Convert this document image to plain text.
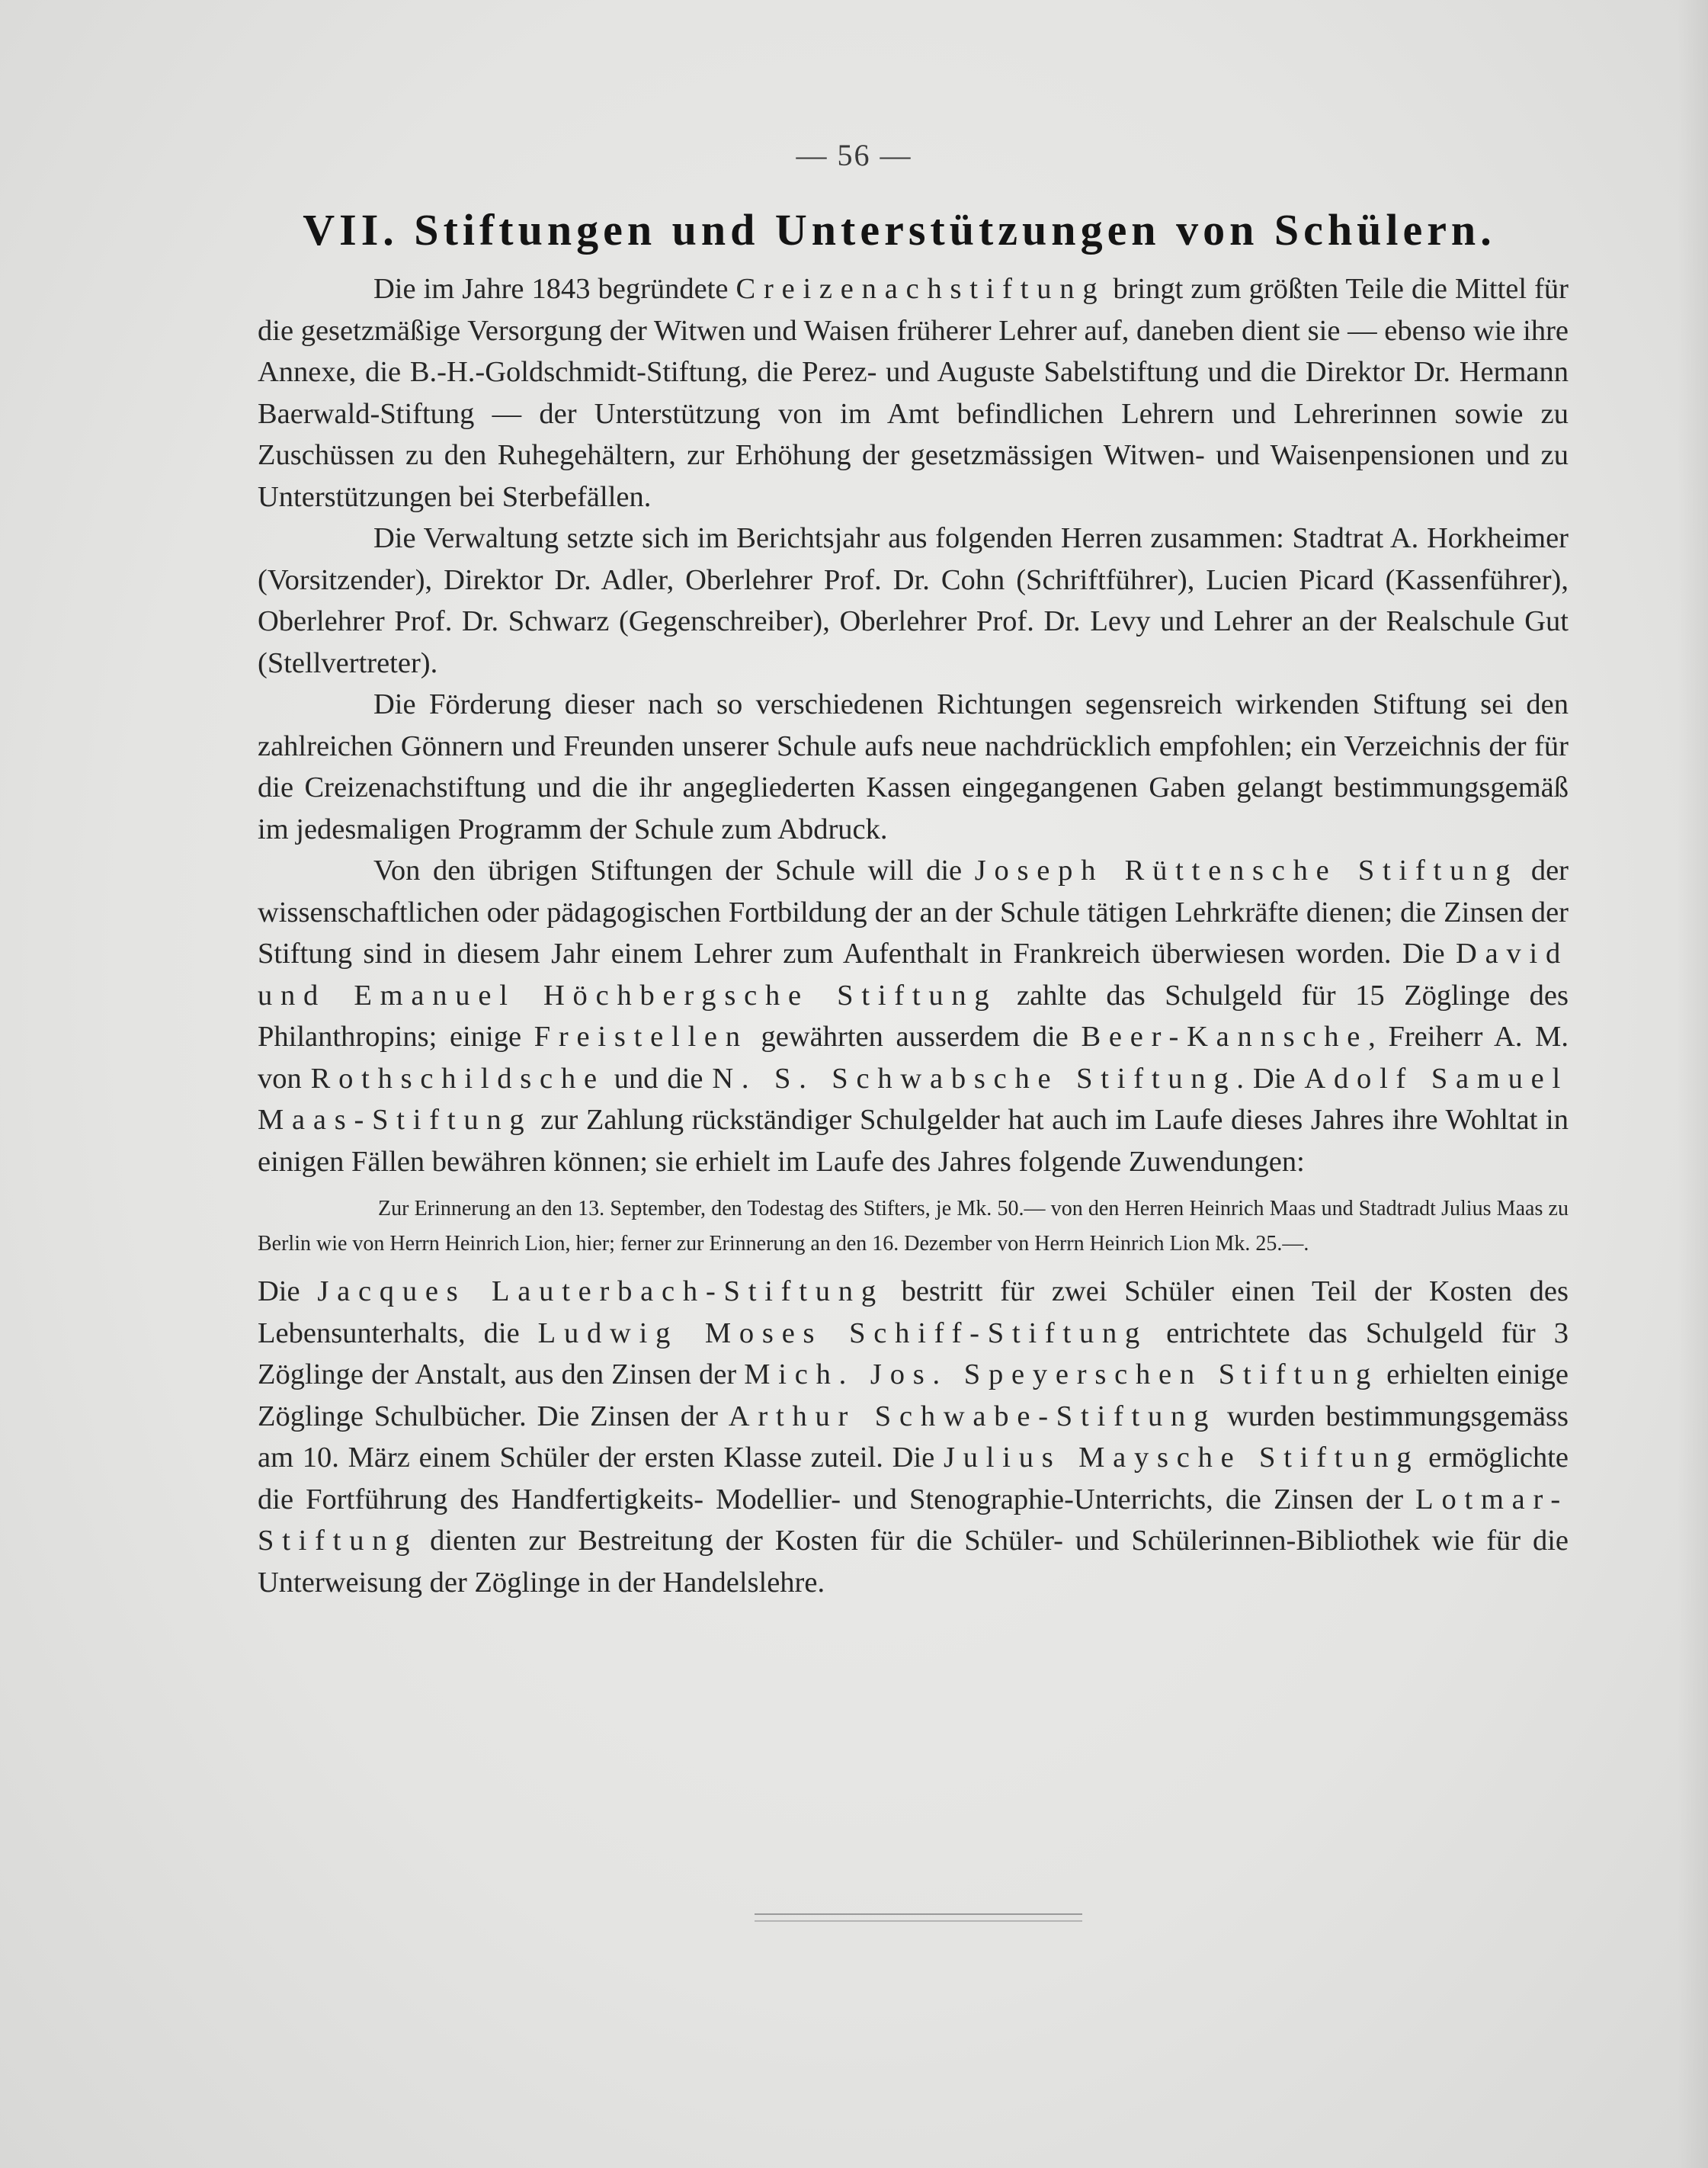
— 56 —
VII. Stiftungen und Unterstützungen von Schülern.

Die im Jahre 1843 begründete Creizenachstiftung bringt zum größten Teile die Mittel für die gesetzmäßige Versorgung der Witwen und Waisen früherer Lehrer auf, daneben dient sie — ebenso wie ihre Annexe, die B.-H.-Goldschmidt-Stiftung, die Perez- und Auguste Sabelstiftung und die Direktor Dr. Hermann Baerwald-Stiftung — der Unterstützung von im Amt befindlichen Lehrern und Lehrerinnen sowie zu Zuschüssen zu den Ruhegehältern, zur Erhöhung der gesetzmässigen Witwen- und Waisenpensionen und zu Unterstützungen bei Sterbefällen.

Die Verwaltung setzte sich im Berichtsjahr aus folgenden Herren zusammen: Stadtrat A. Horkheimer (Vorsitzender), Direktor Dr. Adler, Oberlehrer Prof. Dr. Cohn (Schriftführer), Lucien Picard (Kassenführer), Oberlehrer Prof. Dr. Schwarz (Gegenschreiber), Oberlehrer Prof. Dr. Levy und Lehrer an der Realschule Gut (Stellvertreter).

Die Förderung dieser nach so verschiedenen Richtungen segensreich wirkenden Stiftung sei den zahlreichen Gönnern und Freunden unserer Schule aufs neue nachdrücklich empfohlen; ein Verzeichnis der für die Creizenachstiftung und die ihr angegliederten Kassen eingegangenen Gaben gelangt bestimmungsgemäß im jedesmaligen Programm der Schule zum Abdruck.

Von den übrigen Stiftungen der Schule will die Joseph Rüttensche Stiftung der wissenschaftlichen oder pädagogischen Fortbildung der an der Schule tätigen Lehrkräfte dienen; die Zinsen der Stiftung sind in diesem Jahr einem Lehrer zum Aufenthalt in Frankreich überwiesen worden. Die David und Emanuel Höchbergsche Stiftung zahlte das Schulgeld für 15 Zöglinge des Philanthropins; einige Freistellen gewährten ausserdem die Beer-Kannsche, Freiherr A. M. von Rothschildsche und die N. S. Schwabsche Stiftung. Die Adolf Samuel Maas-Stiftung zur Zahlung rückständiger Schulgelder hat auch im Laufe dieses Jahres ihre Wohltat in einigen Fällen bewähren können; sie erhielt im Laufe des Jahres folgende Zuwendungen:

Zur Erinnerung an den 13. September, den Todestag des Stifters, je Mk. 50.— von den Herren Heinrich Maas und Stadtradt Julius Maas zu Berlin wie von Herrn Heinrich Lion, hier; ferner zur Erinnerung an den 16. Dezember von Herrn Heinrich Lion Mk. 25.—.

Die Jacques Lauterbach-Stiftung bestritt für zwei Schüler einen Teil der Kosten des Lebensunterhalts, die Ludwig Moses Schiff-Stiftung entrichtete das Schulgeld für 3 Zöglinge der Anstalt, aus den Zinsen der Mich. Jos. Speyerschen Stiftung erhielten einige Zöglinge Schulbücher. Die Zinsen der Arthur Schwabe-Stiftung wurden bestimmungsgemäss am 10. März einem Schüler der ersten Klasse zuteil. Die Julius Maysche Stiftung ermöglichte die Fortführung des Handfertigkeits- Modellier- und Stenographie-Unterrichts, die Zinsen der Lotmar-Stiftung dienten zur Bestreitung der Kosten für die Schüler- und Schülerinnen-Bibliothek wie für die Unterweisung der Zöglinge in der Handelslehre.
